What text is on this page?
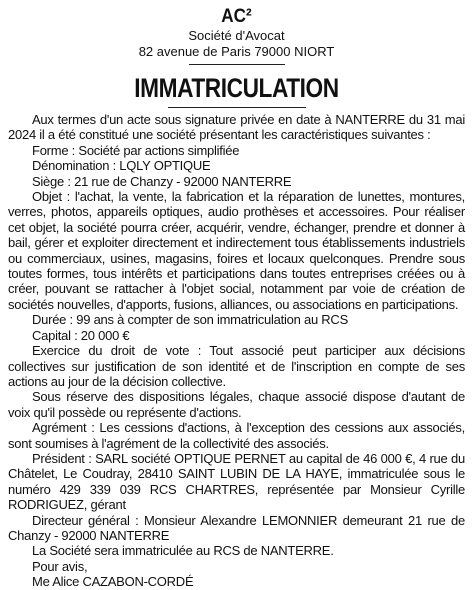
AC²
Société d'Avocat
82 avenue de Paris 79000 NIORT
IMMATRICULATION

Aux termes d'un acte sous signature privée en date à NANTERRE du 31 mai 2024 il a été constitué une société présentant les caractéristiques suivantes :

Forme : Société par actions simplifiée

Dénomination : LQLY OPTIQUE

Siège : 21 rue de Chanzy - 92000 NANTERRE

Objet : l'achat, la vente, la fabrication et la réparation de lunettes, montures, verres, photos, appareils optiques, audio prothèses et accessoires. Pour réaliser cet objet, la société pourra créer, acquérir, vendre, échanger, prendre et donner à bail, gérer et exploiter directement et indirectement tous établissements industriels ou commerciaux, usines, magasins, foires et locaux quelconques. Prendre sous toutes formes, tous intérêts et participations dans toutes entreprises créées ou à créer, pouvant se rattacher à l'objet social, notamment par voie de création de sociétés nouvelles, d'apports, fusions, alliances, ou associations en participations.

Durée : 99 ans à compter de son immatriculation au RCS

Capital : 20 000 €

Exercice du droit de vote : Tout associé peut participer aux décisions collectives sur justification de son identité et de l'inscription en compte de ses actions au jour de la décision collective.

Sous réserve des dispositions légales, chaque associé dispose d'autant de voix qu'il possède ou représente d'actions.

Agrément : Les cessions d'actions, à l'exception des cessions aux associés, sont soumises à l'agrément de la collectivité des associés.

Président : SARL société OPTIQUE PERNET au capital de 46 000 €, 4 rue du Châtelet, Le Coudray, 28410 SAINT LUBIN DE LA HAYE, immatriculée sous le numéro 429 339 039 RCS CHARTRES, représentée par Monsieur Cyrille RODRIGUEZ, gérant

Directeur général : Monsieur Alexandre LEMONNIER demeurant 21 rue de Chanzy - 92000 NANTERRE

La Société sera immatriculée au RCS de NANTERRE.

Pour avis,

Me Alice CAZABON-CORDÉ
